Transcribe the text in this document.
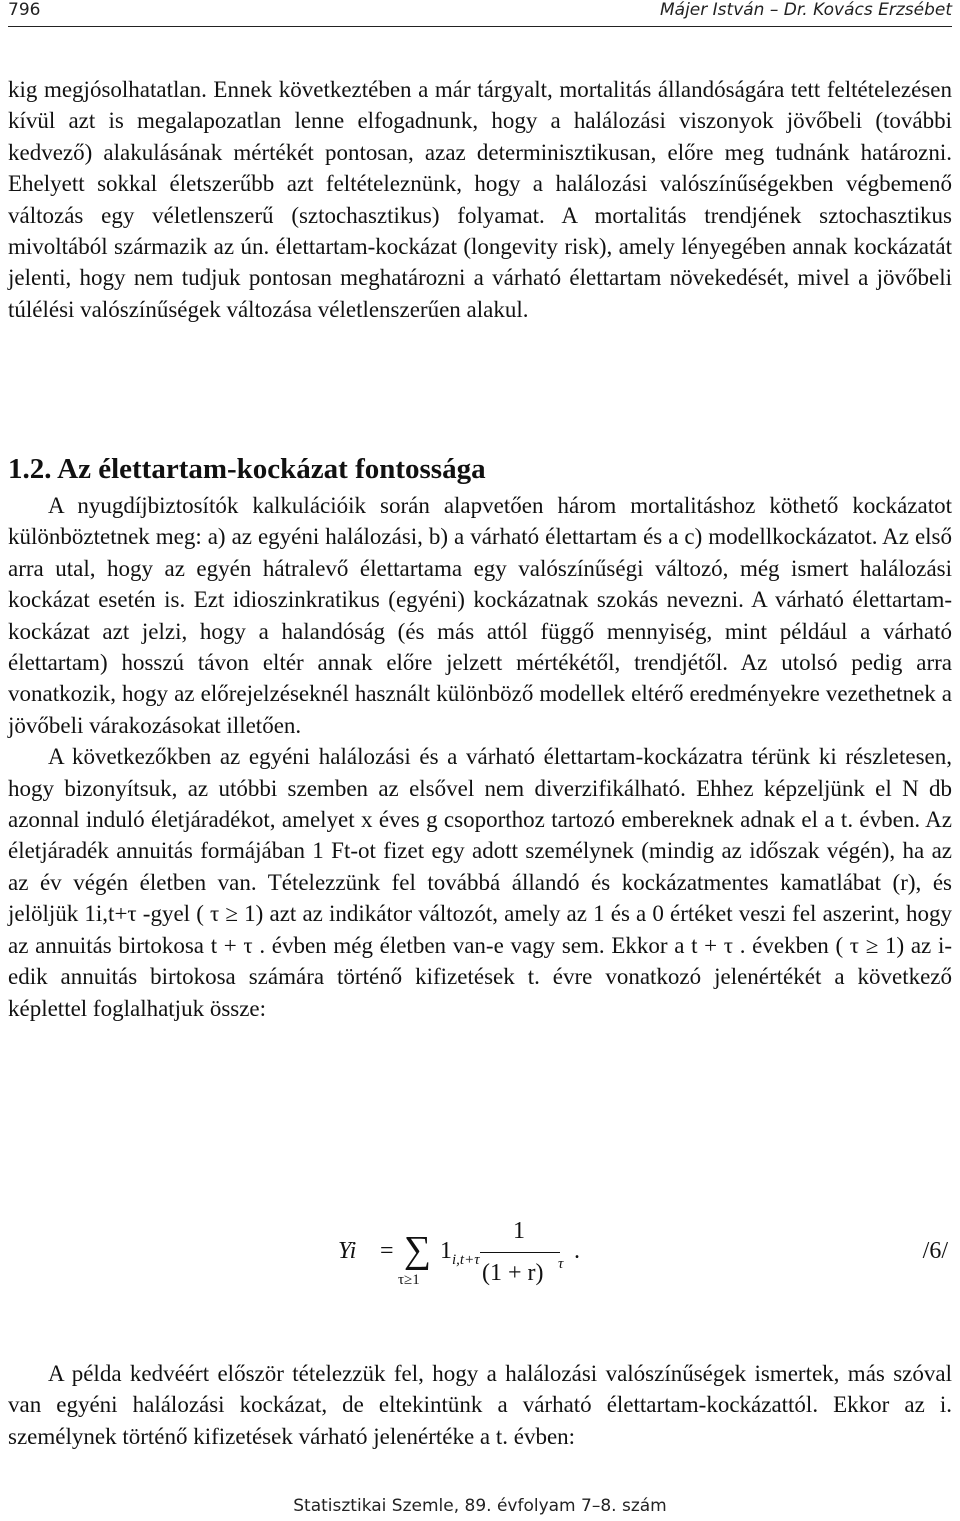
796	Májer István – Dr. Kovács Erzsébet

kig megjósolhatatlan. Ennek következtében a már tárgyalt, mortalitás állandóságára tett feltételezésen kívül azt is megalapozatlan lenne elfogadnunk, hogy a halálozási viszonyok jövőbeli (további kedvező) alakulásának mértékét pontosan, azaz determinisztikusan, előre meg tudnánk határozni. Ehelyett sokkal életszerűbb azt feltételeznünk, hogy a halálozási valószínűségekben végbemenő változás egy véletlenszerű (sztochasztikus) folyamat. A mortalitás trendjének sztochasztikus mivoltából származik az ún. élettartam-kockázat (longevity risk), amely lényegében annak kockázatát jelenti, hogy nem tudjuk pontosan meghatározni a várható élettartam növekedését, mivel a jövőbeli túlélési valószínűségek változása véletlenszerűen alakul.

1.2. Az élettartam-kockázat fontossága

A nyugdíjbiztosítók kalkulációik során alapvetően három mortalitáshoz köthető kockázatot különböztetnek meg: a) az egyéni halálozási, b) a várható élettartam és a c) modellkockázatot. Az első arra utal, hogy az egyén hátralevő élettartama egy valószínűségi változó, még ismert halálozási kockázat esetén is. Ezt idioszinkratikus (egyéni) kockázatnak szokás nevezni. A várható élettartam-kockázat azt jelzi, hogy a halandóság (és más attól függő mennyiség, mint például a várható élettartam) hosszú távon eltér annak előre jelzett mértékétől, trendjétől. Az utolsó pedig arra vonatkozik, hogy az előrejelzéseknél használt különböző modellek eltérő eredményekre vezethetnek a jövőbeli várakozásokat illetően.

A következőkben az egyéni halálozási és a várható élettartam-kockázatra térünk ki részletesen, hogy bizonyítsuk, az utóbbi szemben az elsővel nem diverzifikálható. Ehhez képzeljünk el N db azonnal induló életjáradékot, amelyet x éves g csoporthoz tartozó embereknek adnak el a t. évben. Az életjáradék annuitás formájában 1 Ft-ot fizet egy adott személynek (mindig az időszak végén), ha az az év végén életben van. Tételezzünk fel továbbá állandó és kockázatmentes kamatlábat (r), és jelöljük 1i,t+τ -gyel ( τ ≥ 1) azt az indikátor változót, amely az 1 és a 0 értéket veszi fel aszerint, hogy az annuitás birtokosa t + τ . évben még életben van-e vagy sem. Ekkor a t + τ . években ( τ ≥ 1) az i-edik annuitás birtokosa számára történő kifizetések t. évre vonatkozó jelenértékét a következő képlettel foglalhatjuk össze:

Yi = ∑
τ≥1
1 i,t+τ
1
(1 + r) τ .	/6/

A példa kedvéért először tételezzük fel, hogy a halálozási valószínűségek ismertek, más szóval van egyéni halálozási kockázat, de eltekintünk a várható élettartam-kockázattól. Ekkor az i. személynek történő kifizetések várható jelenértéke a t. évben:

Statisztikai Szemle, 89. évfolyam 7–8. szám
